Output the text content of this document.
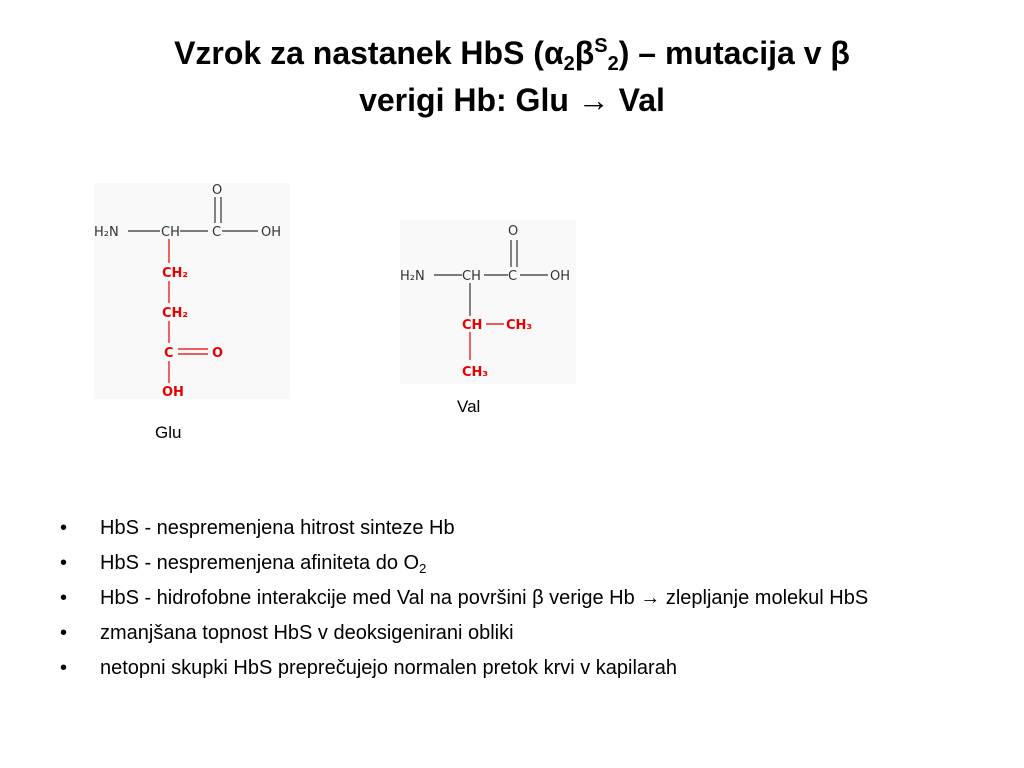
Vzrok za nastanek HbS $(\alpha_2\beta^S_2)$ – mutacija v β
verigi Hb: Glu → Val
H₂N	CH C	OH
O
CH₂
CH₂
C	O
OH
Glu
H₂N	CH C	OH
O
CH CH₃
CH₃
Val
• HbS - nespremenjena hitrost sinteze Hb
• HbS - nespremenjena afiniteta do $O_2$
• HbS - hidrofobne interakcije med Val na površini β verige Hb → zlepljanje molekul HbS
• zmanjšana topnost HbS v deoksigenirani obliki
• netopni skupki HbS preprečujejo normalen pretok krvi v kapilarah
